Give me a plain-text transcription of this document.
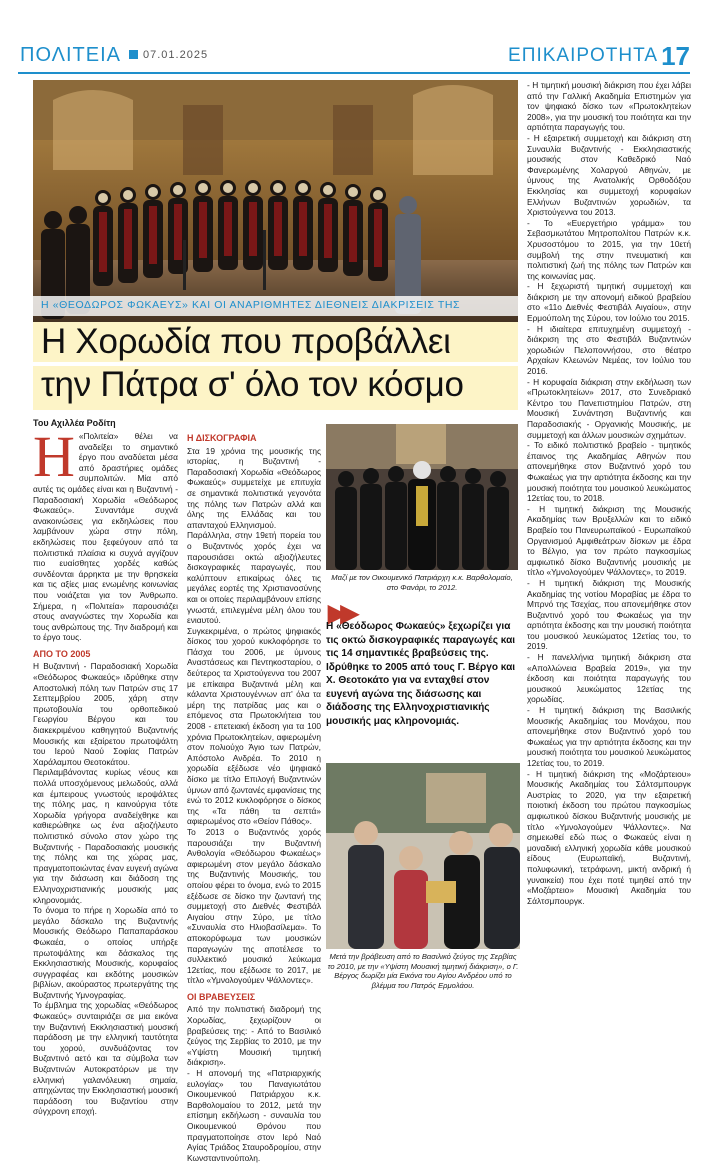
ΠΟΛΙΤΕΙΑ 07.01.2025	ΕΠΙΚΑΙΡΟΤΗΤΑ 17
Η «ΘΕΟΔΩΡΟΣ ΦΩΚΑΕΥΣ» ΚΑΙ ΟΙ ΑΝΑΡΙΘΜΗΤΕΣ ΔΙΕΘΝΕΙΣ ΔΙΑΚΡΙΣΕΙΣ ΤΗΣ
Η Χορωδία που προβάλλει
την Πάτρα σ' όλο τον κόσμο
Του Αχιλλέα Ροδίτη
Η «Πολιτεία» θέλει να αναδείξει το σημαντικό έργο που αναδύεται μέσα από δραστήριες ομάδες συμπολιτών. Μία από αυτές τις ομάδες είναι και η Βυζαντινή - Παραδοσιακή Χορωδία «Θεόδωρος Φωκαεύς». Συναντάμε συχνά ανακοινώσεις για εκδηλώσεις που λαμβάνουν χώρα στην πόλη, εκδηλώσεις που ξεφεύγουν από τα πολιτιστικά πλαίσια κι συχνά αγγίζουν πιο ευαίσθητες χορδές καθώς συνδέονται άρρηκτα με την θρησκεία και τις αξίες μιας ενωμένης κοινωνίας που νοιάζεται για τον Άνθρωπο. Σήμερα, η «Πολιτεία» παρουσιάζει στους αναγνώστες την Χορωδία και τους ανθρώπους της. Την διαδρομή και το έργο τους.

ΑΠΟ ΤΟ 2005

Η Βυζαντινή - Παραδοσιακή Χορωδία «Θεόδωρος Φωκαεύς» ιδρύθηκε στην Αποστολική πόλη των Πατρών στις 17 Σεπτεμβρίου 2005, χάρη στην πρωτοβουλία του ορθοπεδικού Γεωργίου Βέργου και του διακεκριμένου καθηγητού Βυζαντινής Μουσικής και εξαίρετου πρωτοψάλτη του Ιερού Ναού Σοφίας Πατρών Χαράλαμπου Θεοτοκάτου.

Περιλαμβάνοντας κυρίως νέους και πολλά υποσχόμενους μελωδούς, αλλά και έμπειρους γνωστούς ιεροψάλτες της πόλης μας, η καινούργια τότε Χορωδία γρήγορα αναδείχθηκε και καθιερώθηκε ως ένα αξιοζήλευτο πολιτιστικό σύνολο στον χώρο της Βυζαντινής - Παραδοσιακής μουσικής της πόλης και της χώρας μας, πραγματοποιώντας έναν ευγενή αγώνα για την διάσωση και διάδοση της Ελληνοχριστιανικής μουσικής μας κληρονομιάς.

Το όνομα το πήρε η Χορωδία από το μεγάλο δάσκαλο της Βυζαντινής Μουσικής Θεόδωρο Παπαπαράσκου Φωκαέα, ο οποίος υπήρξε πρωτοψάλτης και δάσκαλος της Εκκλησιαστικής Μουσικής, κορυφαίος συγγραφέας και εκδότης μουσικών βιβλίων, ακούραστος πρωτεργάτης της Βυζαντινής Υμνογραφίας.

Το έμβλημα της χορωδίας «Θεόδωρος Φωκαεύς» συνταιριάζει σε μια εικόνα την Βυζαντινή Εκκλησιαστική μουσική παράδοση με την ελληνική ταυτότητα του χορού, συνδυάζοντας τον Βυζαντινό αετό και τα σύμβολα των Βυζαντινών Αυτοκρατόρων με την ελληνική γαλανόλευκη σημαία, απηχώντας την Εκκλησιαστική μουσική παράδοση του Βυζαντίου στην σύγχρονη εποχή.

Η ΔΙΣΚΟΓΡΑΦΙΑ

Στα 19 χρόνια της μουσικής της ιστορίας, η Βυζαντινή - Παραδοσιακή Χορωδία «Θεόδωρος Φωκαεύς» συμμετείχε με επιτυχία σε σημαντικά πολιτιστικά γεγονότα της πόλης των Πατρών αλλά και όλης της Ελλάδας και του απανταχού Ελληνισμού.

Παράλληλα, στην 19ετή πορεία του ο Βυζαντινός χορός έχει να παρουσιάσει οκτώ αξιοζήλευτες δισκογραφικές παραγωγές, που καλύπτουν επικαίρως όλες τις μεγάλες εορτές της Χριστιανοσύνης και οι οποίες περιλαμβάνουν επίσης γνωστά, επιλεγμένα μέλη όλου του ενιαυτού.

Συγκεκριμένα, ο πρώτος ψηφιακός δίσκος του χορού κυκλοφόρησε το Πάσχα του 2006, με ύμνους Αναστάσεως και Πεντηκοσταρίου, ο δεύτερος τα Χριστούγεννα του 2007 με επίκαιρα Βυζαντινά μέλη και κάλαντα Χριστουγέννων απ' όλα τα μέρη της πατρίδας μας και ο επόμενος στα Πρωτοκλήτεια του 2008 - επετειακή έκδοση για τα 100 χρόνια Πρωτοκλητείων, αφιερωμένη στον πολιούχο Άγιο των Πατρών, Απόστολο Ανδρέα. Το 2010 η χορωδία εξέδωσε νέο ψηφιακό δίσκο με τίτλο Επιλογή Βυζαντινών ύμνων από ζωντανές εμφανίσεις της ενώ το 2012 κυκλοφόρησε ο δίσκος της «Τα πάθη τα σεπτά» αφιερωμένος στο «Θείον Πάθος».

Το 2013 ο Βυζαντινός χορός παρουσιάζει την Βυζαντινή Ανθολογία «Θεόδωρου Φωκαέως» αφιερωμένη στον μεγάλο δάσκαλο της Βυζαντινής Μουσικής, του οποίου φέρει το όνομα, ενώ το 2015 εξέδωσε σε δίσκο την ζωντανή της συμμετοχή στο Διεθνές Φεστιβάλ Αιγαίου στην Σύρο, με τίτλο «Συναυλία στο Ηλιοβασίλεμα». Το αποκορύφωμα των μουσικών παραγωγών της αποτέλεσε το συλλεκτικό μουσικό λεύκωμα 12ετίας, που εξέδωσε το 2017, με τίτλο «Υμνολογούμεν Ψάλλοντες».

ΟΙ ΒΡΑΒΕΥΣΕΙΣ

Από την πολιτιστική διαδρομή της Χορωδίας, ξεχωρίζουν οι βραβεύσεις της: - Από το Βασιλικό ζεύγος της Σερβίας το 2010, με την «Υψίστη Μουσική τιμητική διάκριση».

- Η απονομή της «Πατριαρχικής ευλογίας» του Παναγιωτάτου Οικουμενικού Πατριάρχου κ.κ. Βαρθολομαίου το 2012, μετά την επίσημη εκδήλωση - συναυλία του Οικουμενικού Θρόνου που πραγματοποίησε στον Ιερό Ναό Αγίας Τριάδος Σταυροδρομίου, στην Κωνσταντινούπολη.

Μαζί με τον Οικουμενικό Πατριάρχη κ.κ. Βαρθολομαίο, στο Φανάρι, το 2012.
▶▶
Η «Θεόδωρος Φωκαεύς» ξεχωρίζει για τις οκτώ δισκογραφικές παραγωγές και τις 14 σημαντικές βραβεύσεις της. Ιδρύθηκε το 2005 από τους Γ. Βέργο και Χ. Θεοτοκάτο για να ενταχθεί στον ευγενή αγώνα της διάσωσης και διάδοσης της Ελληνοχριστιανικής μουσικής μας κληρονομιάς.
Μετά την βράβευση από το Βασιλικό ζεύγος της Σερβίας το 2010, με την «Υψίστη Μουσική τιμητική διάκριση», ο Γ. Βέργος δωρίζει μία Εικόνα του Αγίου Ανδρέου υπό το βλέμμα του Πατρός Ερμολάου.

- Η τιμητική μουσική διάκριση που έχει λάβει από την Γαλλική Ακαδημία Επιστημών για τον ψηφιακό δίσκο των «Πρωτοκλητείων 2008», για την μουσική του ποιότητα και την αρτιότητα παραγωγής του.

- Η εξαιρετική συμμετοχή και διάκριση στη Συναυλία Βυζαντινής - Εκκλησιαστικής μουσικής στον Καθεδρικό Ναό Φανερωμένης Χολαργού Αθηνών, με ύμνους της Ανατολικής Ορθοδόξου Εκκλησίας και συμμετοχή κορυφαίων Ελλήνων Βυζαντινών χορωδιών, τα Χριστούγεννα του 2013.

- Το «Ευεργετήριο γράμμα» του Σεβασμιωτάτου Μητροπολίτου Πατρών κ.κ. Χρυσοστόμου το 2015, για την 10ετή συμβολή της στην πνευματική και πολιτιστική ζωή της πόλης των Πατρών και της κοινωνίας μας.

- Η ξεχωριστή τιμητική συμμετοχή και διάκριση με την απονομή ειδικού βραβείου στο «11ο Διεθνές Φεστιβάλ Αιγαίου», στην Ερμούπολη της Σύρου, τον Ιούλιο του 2015.

- Η ιδιαίτερα επιτυχημένη συμμετοχή - διάκριση της στο Φεστιβάλ Βυζαντινών χορωδιών Πελοποννήσου, στο θέατρο Αρχαίων Κλεωνών Νεμέας, τον Ιούλιο του 2016.

- Η κορυφαία διάκριση στην εκδήλωση των «Πρωτοκλητείων» 2017, στο Συνεδριακό Κέντρο του Πανεπιστημίου Πατρών, στη Μουσική Συνάντηση Βυζαντινής και Παραδοσιακής - Οργανικής Μουσικής, με συμμετοχή και άλλων μουσικών σχημάτων.

- Το ειδικό πολιτιστικό βραβείο - τιμητικός έπαινος της Ακαδημίας Αθηνών που απονεμήθηκε στον Βυζαντινό χορό του Φωκαέως για την αρτιότητα έκδοσης και την μουσική ποιότητα του μουσικού λευκώματος 12ετίας του, το 2018.

- Η τιμητική διάκριση της Μουσικής Ακαδημίας των Βρυξελλών και το ειδικό Βραβείο του Πανευρωπαϊκού - Ευρωπαϊκού Οργανισμού Αμφιθεάτρων δίσκων με έδρα το Βέλγιο, για τον πρώτο παγκοσμίως αμφιωτικό δίσκο Βυζαντινής μουσικής με τίτλο «Υμνολογούμεν Ψάλλοντες», το 2019.

- Η τιμητική διάκριση της Μουσικής Ακαδημίας της νοτίου Μοραβίας με έδρα το Μπρνό της Τσεχίας, που απονεμήθηκε στον Βυζαντινό χορό του Φωκαέως για την αρτιότητα έκδοσης και την μουσική ποιότητα του μουσικού λευκώματος 12ετίας του, το 2019.

- Η πανελλήνια τιμητική διάκριση στα «Απολλώνεια Βραβεία 2019», για την έκδοση και ποιότητα παραγωγής του μουσικού λευκώματος 12ετίας της χορωδίας.

- Η τιμητική διάκριση της Βασιλικής Μουσικής Ακαδημίας του Μονάχου, που απονεμήθηκε στον Βυζαντινό χορό του Φωκαέως για την αρτιότητα έκδοσης και την μουσική ποιότητα του μουσικού λευκώματος 12ετίας του, το 2019.

- Η τιμητική διάκριση της «Μοζάρτειου» Μουσικής Ακαδημίας του Σάλτσμπουργκ Αυστρίας το 2020, για την εξαιρετική ποιοτική έκδοση του πρώτου παγκοσμίως αμφιωτικού δίσκου Βυζαντινής μουσικής με τίτλο «Υμνολογούμεν Ψάλλοντες». Να σημειωθεί εδώ πως ο Φωκαεύς είναι η μοναδική ελληνική χορωδία κάθε μουσικού είδους (Ευρωπαϊκή, Βυζαντινή, πολυφωνική, τετράφωνη, μικτή ανδρική ή γυναικεία) που έχει ποτέ τιμηθεί από την «Μοζάρτειο» Μουσική Ακαδημία του Σάλτσμπουργκ.
